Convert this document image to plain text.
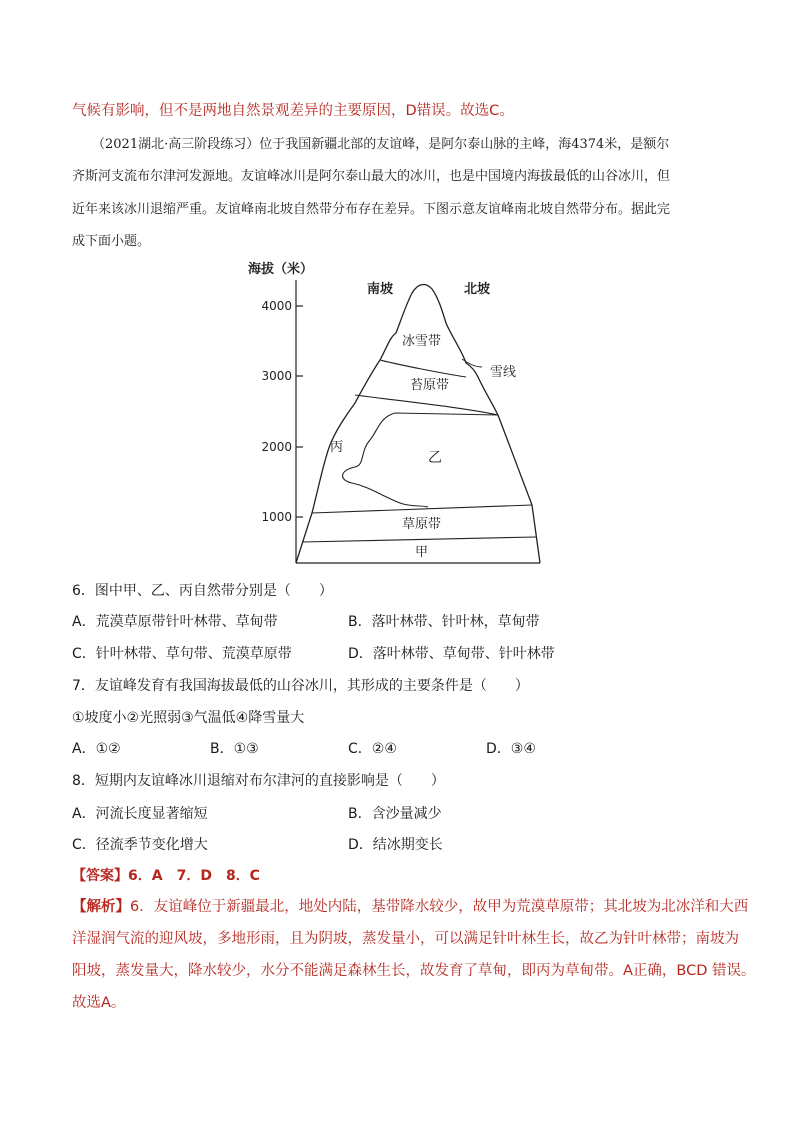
气候有影响，但不是两地自然景观差异的主要原因，D错误。故选C。
（2021湖北·高三阶段练习）位于我国新疆北部的友谊峰，是阿尔泰山脉的主峰，海4374米，是额尔
齐斯河支流布尔津河发源地。友谊峰冰川是阿尔泰山最大的冰川，也是中国境内海拔最低的山谷冰川，但
近年来该冰川退缩严重。友谊峰南北坡自然带分布存在差异。下图示意友谊峰南北坡自然带分布。据此完
成下面小题。
海拔（米）
4000
3000
2000
1000
南坡	北坡
冰雪带
雪线
苔原带
丙
乙
草原带
甲
6．图中甲、乙、丙自然带分别是（　　）
A．荒漠草原带针叶林带、草甸带	B．落叶林带、针叶林，草甸带
C．针叶林带、草句带、荒漠草原带	D．落叶林带、草甸带、针叶林带
7．友谊峰发育有我国海拔最低的山谷冰川，其形成的主要条件是（　　）
①坡度小②光照弱③气温低④降雪量大
A．①②	B．①③	C．②④	D．③④
8．短期内友谊峰冰川退缩对布尔津河的直接影响是（　　）
A．河流长度显著缩短	B．含沙量减少
C．径流季节变化增大	D．结冰期变长
【答案】6．A　7．D　8．C
【解析】6．友谊峰位于新疆最北，地处内陆，基带降水较少，故甲为荒漠草原带；其北坡为北冰洋和大西
洋湿润气流的迎风坡，多地形雨，且为阴坡，蒸发量小，可以满足针叶林生长，故乙为针叶林带；南坡为
阳坡，蒸发量大，降水较少，水分不能满足森林生长，故发育了草甸，即丙为草甸带。A正确，BCD 错误。
故选A。
